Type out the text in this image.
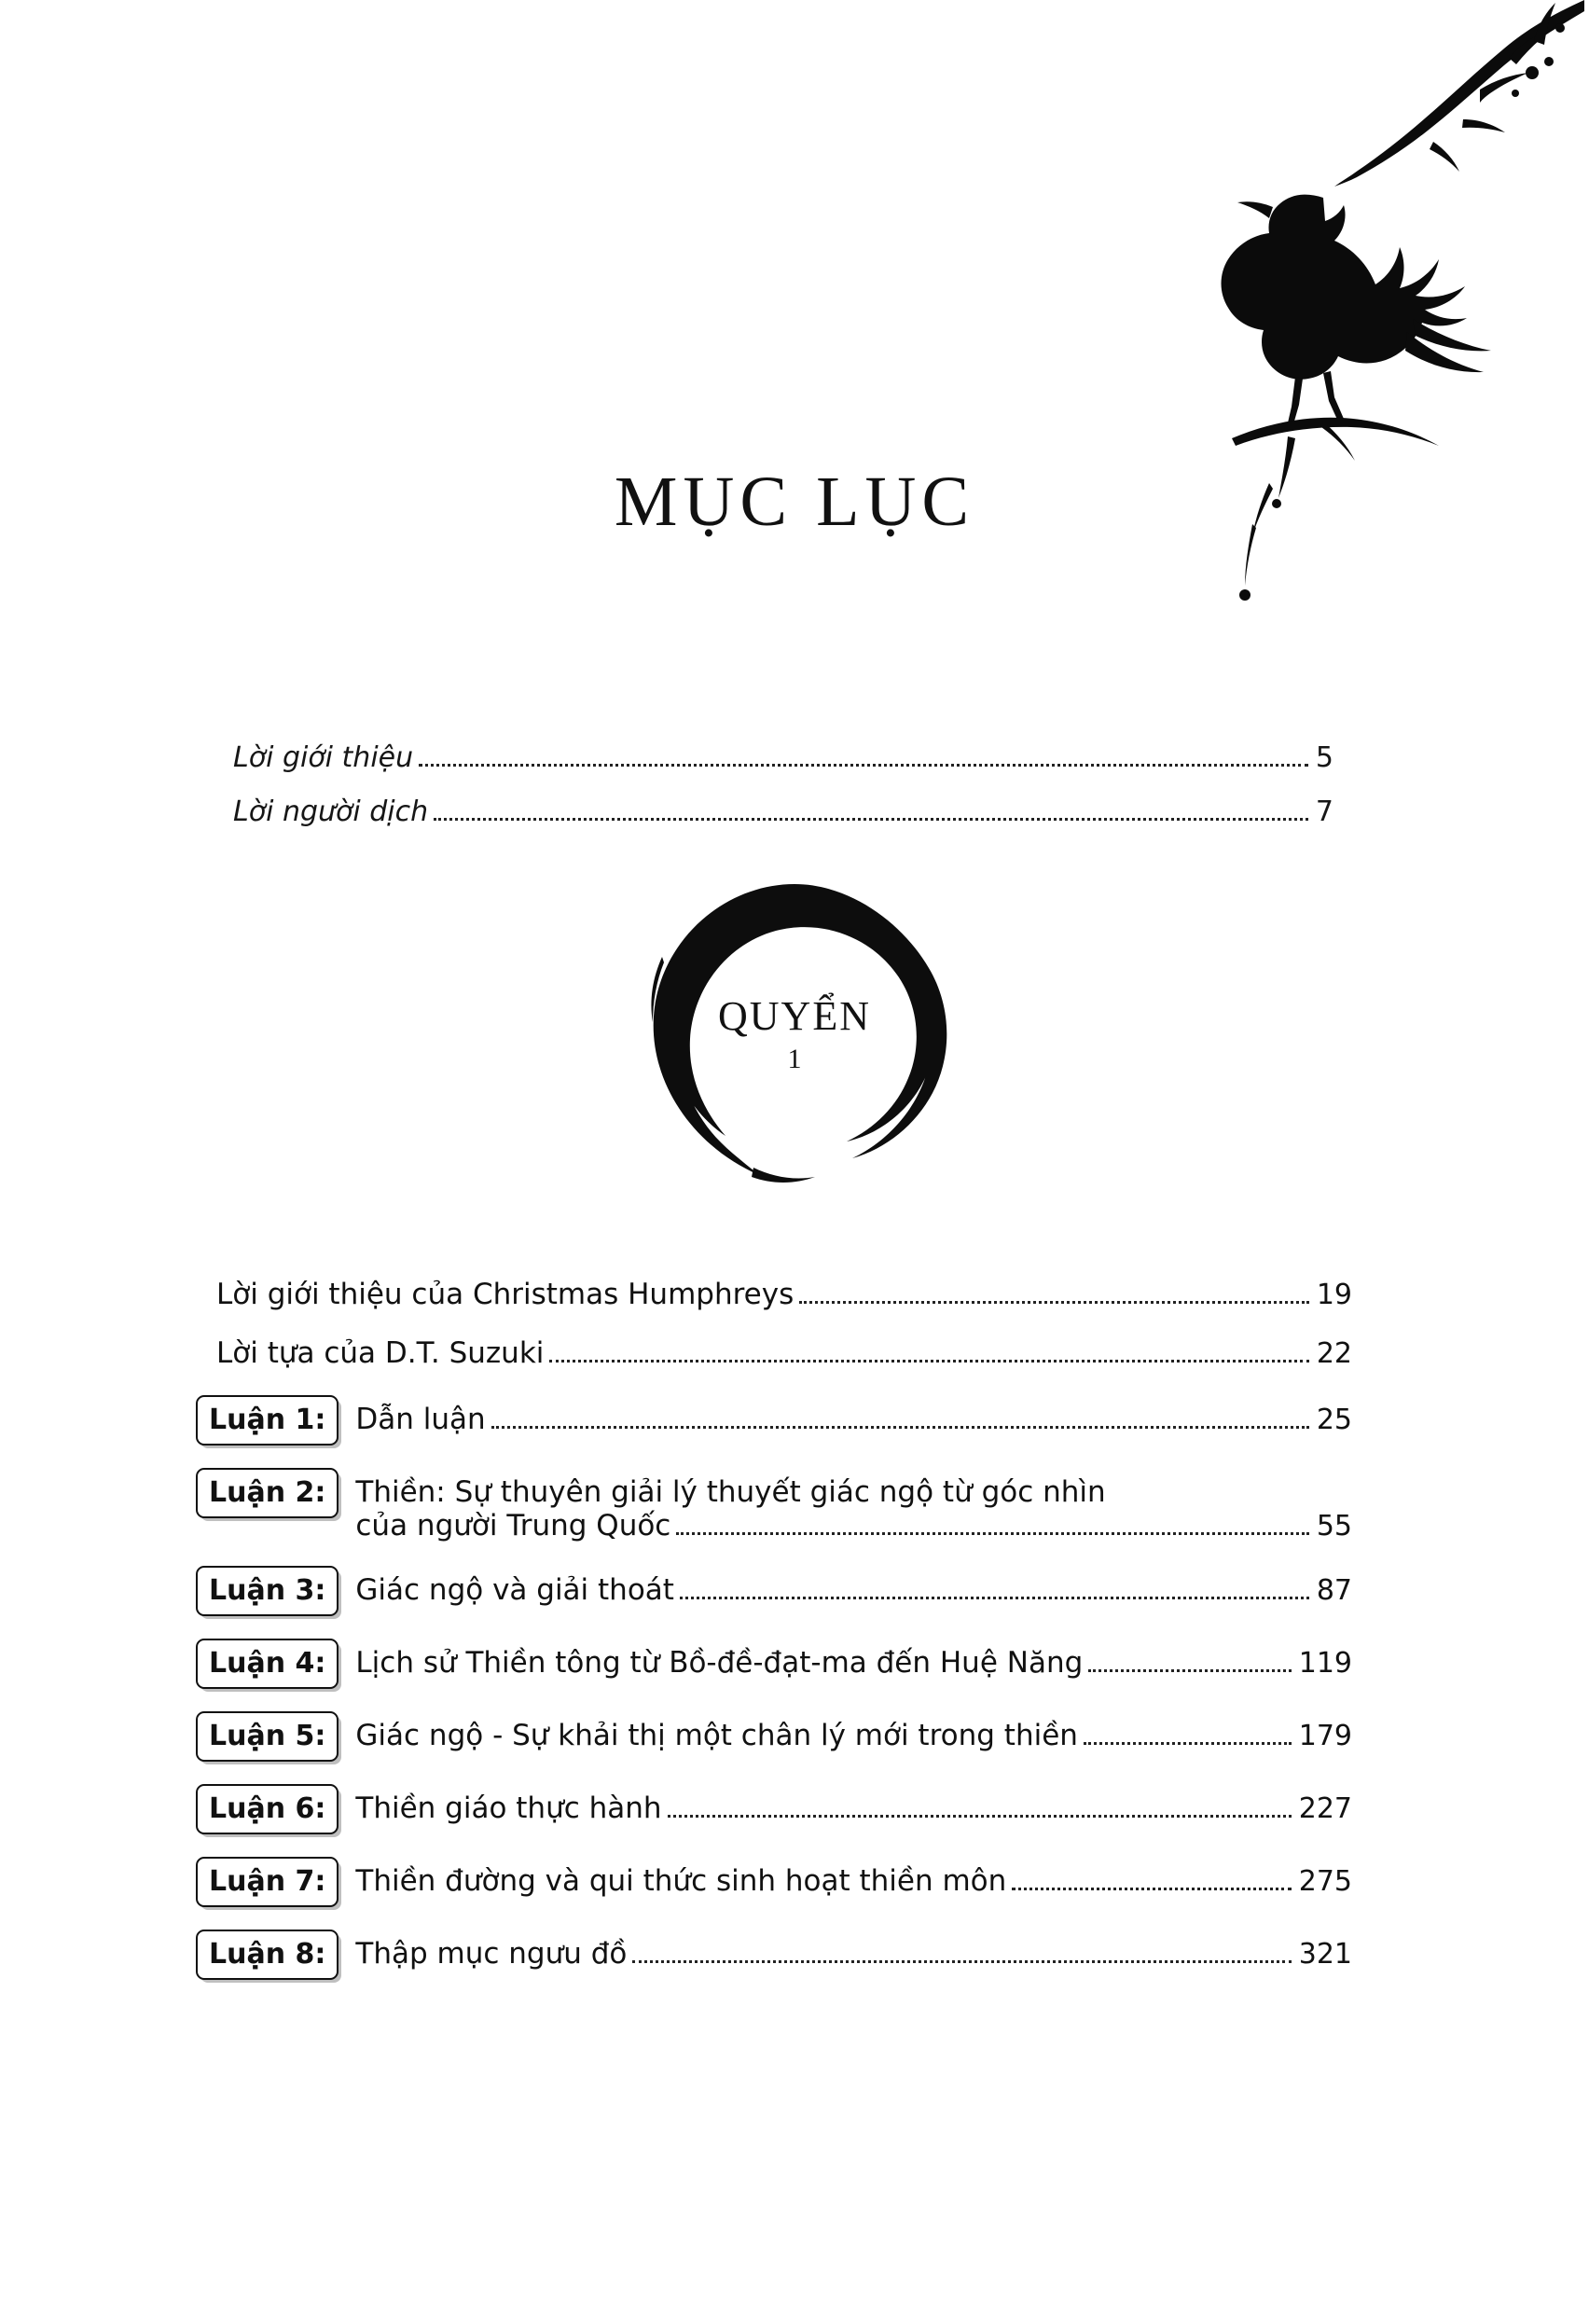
MỤC LỤC
Lời giới thiệu	5
Lời người dịch	7
QUYỂN
1
Lời giới thiệu của Christmas Humphreys	19
Lời tựa của D.T. Suzuki	22
Luận 1:	Dẫn luận	25
Luận 2:	Thiền: Sự thuyên giải lý thuyết giác ngộ từ góc nhìn
của người Trung Quốc	55
Luận 3:	Giác ngộ và giải thoát	87
Luận 4:	Lịch sử Thiền tông từ Bồ-đề-đạt-ma đến Huệ Năng	119
Luận 5:	Giác ngộ - Sự khải thị một chân lý mới trong thiền	179
Luận 6:	Thiền giáo thực hành	227
Luận 7:	Thiền đường và qui thức sinh hoạt thiền môn	275
Luận 8:	Thập mục ngưu đồ	321
